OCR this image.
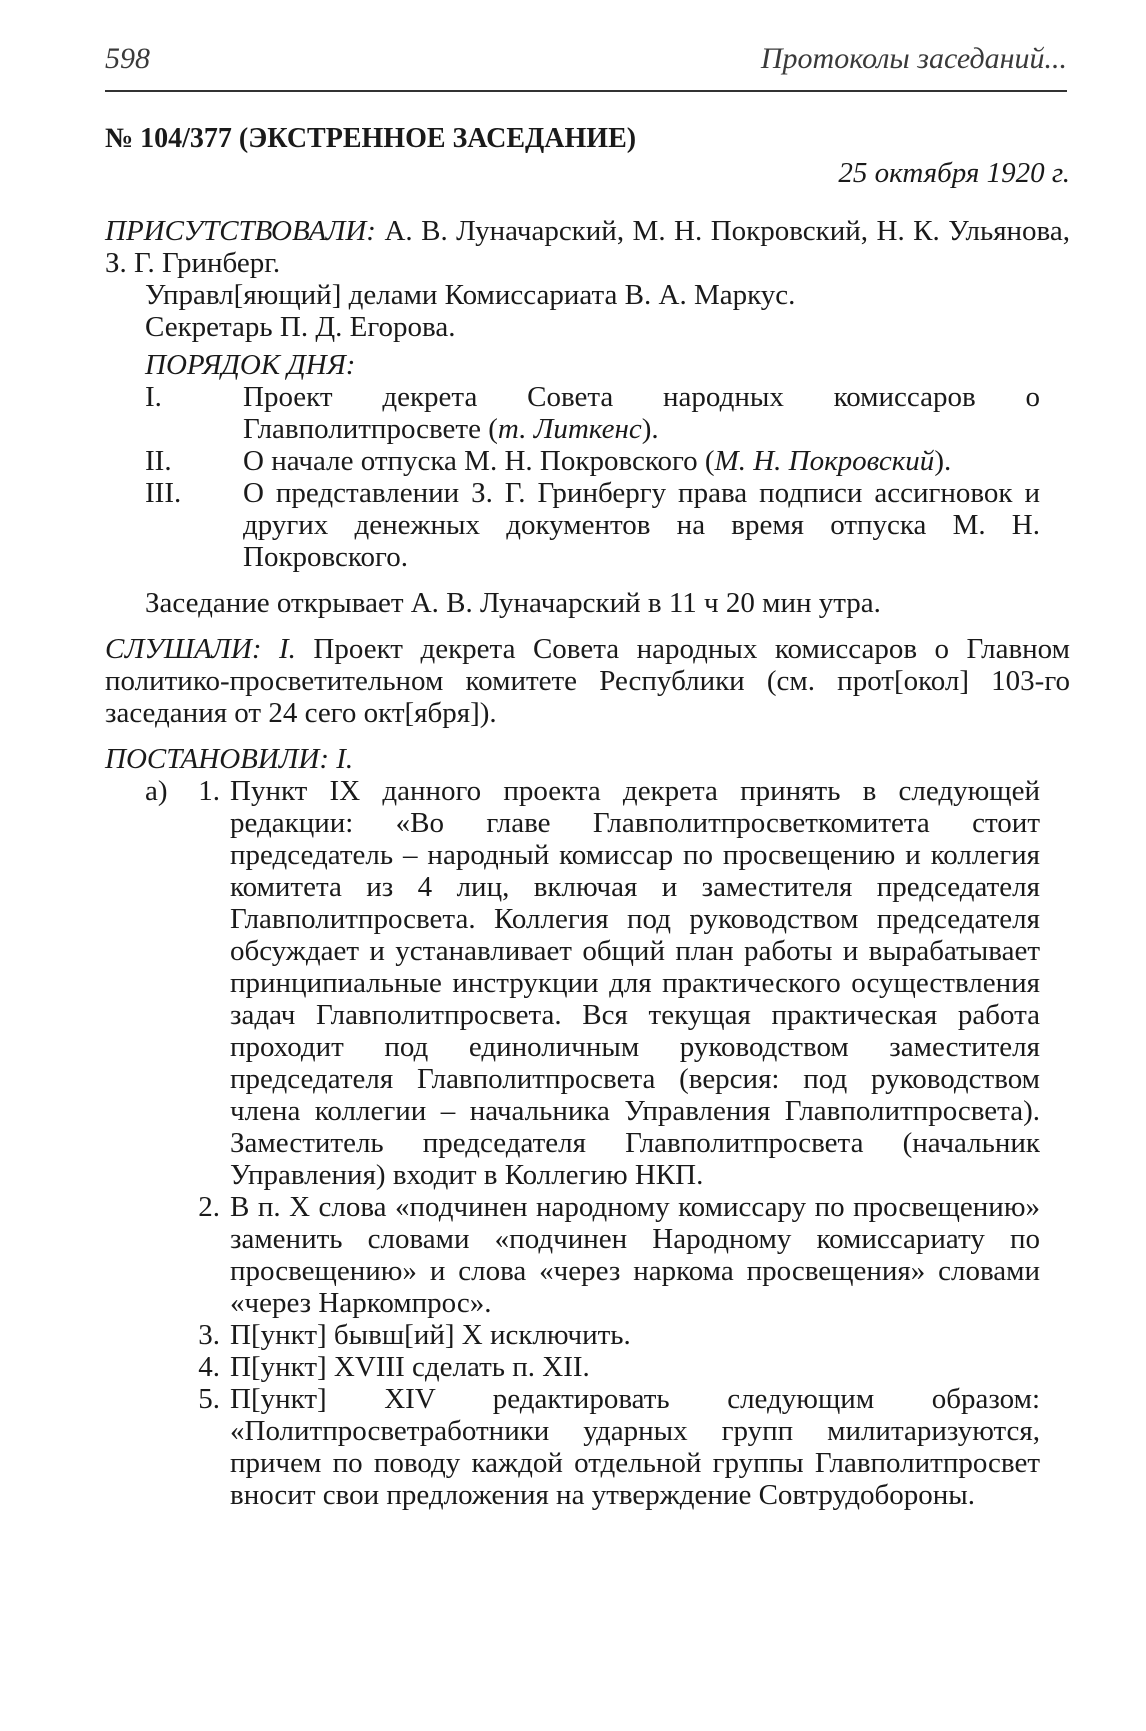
598	Протоколы заседаний...

№ 104/377 (ЭКСТРЕННОЕ ЗАСЕДАНИЕ)

25 октября 1920 г.

ПРИСУТСТВОВАЛИ: А. В. Луначарский, М. Н. Покровский, Н. К. Ульянова, З. Г. Гринберг.

Управл[яющий] делами Комиссариата В. А. Маркус.

Секретарь П. Д. Егорова.

ПОРЯДОК ДНЯ:

I.	Проект декрета Совета народных комиссаров о Главполитпросвете (т. Литкенс).
II.	О начале отпуска М. Н. Покровского (М. Н. Покровский).
III.	О представлении З. Г. Гринбергу права подписи ассигновок и других денежных документов на время отпуска М. Н. Покровского.

Заседание открывает А. В. Луначарский в 11 ч 20 мин утра.

СЛУШАЛИ: I. Проект декрета Совета народных комиссаров о Главном политико-просветительном комитете Республики (см. прот[окол] 103-го заседания от 24 сего окт[ября]).

ПОСТАНОВИЛИ: I.

а)	1. Пункт IX данного проекта декрета принять в следующей редакции: «Во главе Главполитпросветкомитета стоит председатель – народный комиссар по просвещению и коллегия комитета из 4 лиц, включая и заместителя председателя Главполитпросвета. Коллегия под руководством председателя обсуждает и устанавливает общий план работы и вырабатывает принципиальные инструкции для практического осуществления задач Главполитпросвета. Вся текущая практическая работа проходит под единоличным руководством заместителя председателя Главполитпросвета (версия: под руководством члена коллегии – начальника Управления Главполитпросвета). Заместитель председателя Главполитпросвета (начальник Управления) входит в Коллегию НКП.
2. В п. X слова «подчинен народному комиссару по просвещению» заменить словами «подчинен Народному комиссариату по просвещению» и слова «через наркома просвещения» словами «через Наркомпрос».
3. П[ункт] бывш[ий] X исключить.
4. П[ункт] XVIII сделать п. XII.
5. П[ункт] XIV редактировать следующим образом: «Политпросветработники ударных групп милитаризуются, причем по поводу каждой отдельной группы Главполитпросвет вносит свои предложения на утверждение Совтрудобороны.
